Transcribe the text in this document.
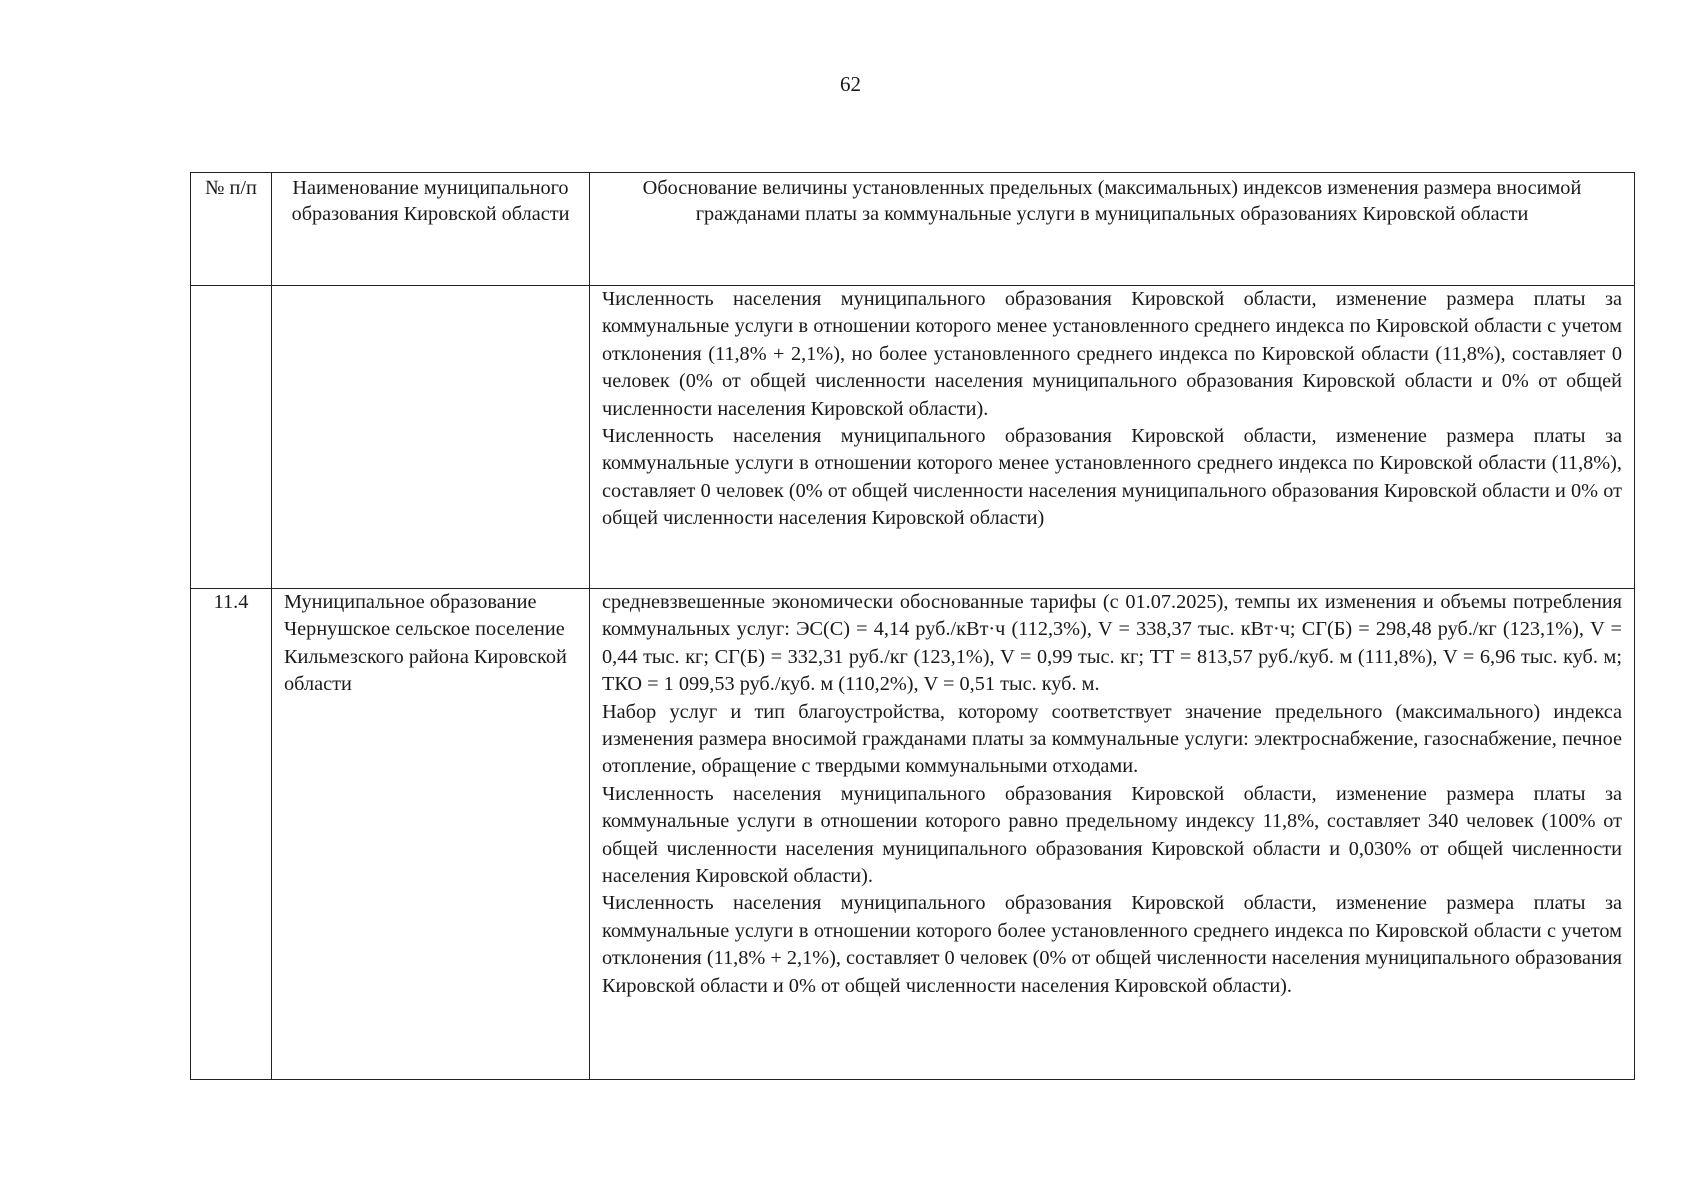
62
№ п/п	Наименование муниципального образования Кировской области	Обоснование величины установленных предельных (максимальных) индексов изменения размера вносимой гражданами платы за коммунальные услуги в муниципальных образованиях Кировской области

		Численность населения муниципального образования Кировской области, изменение размера платы за коммунальные услуги в отношении которого менее установленного среднего индекса по Кировской области с учетом отклонения (11,8% + 2,1%), но более установленного среднего индекса по Кировской области (11,8%), составляет 0 человек (0% от общей численности населения муниципального образования Кировской области и 0% от общей численности населения Кировской области).

Численность населения муниципального образования Кировской области, изменение размера платы за коммунальные услуги в отношении которого менее установленного среднего индекса по Кировской области (11,8%), составляет 0 человек (0% от общей численности населения муниципального образования Кировской области и 0% от общей численности населения Кировской области)

11.4	Муниципальное образование Чернушское сельское поселение Кильмезского района Кировской области	средневзвешенные экономически обоснованные тарифы (с 01.07.2025), темпы их изменения и объемы потребления коммунальных услуг: ЭС(С) = 4,14 руб./кВт·ч (112,3%), V = 338,37 тыс. кВт·ч; СГ(Б) = 298,48 руб./кг (123,1%), V = 0,44 тыс. кг; СГ(Б) = 332,31 руб./кг (123,1%), V = 0,99 тыс. кг; ТТ = 813,57 руб./куб. м (111,8%), V = 6,96 тыс. куб. м; ТКО = 1 099,53 руб./куб. м (110,2%), V = 0,51 тыс. куб. м.

Набор услуг и тип благоустройства, которому соответствует значение предельного (максимального) индекса изменения размера вносимой гражданами платы за коммунальные услуги: электроснабжение, газоснабжение, печное отопление, обращение с твердыми коммунальными отходами.

Численность населения муниципального образования Кировской области, изменение размера платы за коммунальные услуги в отношении которого равно предельному индексу 11,8%, составляет 340 человек (100% от общей численности населения муниципального образования Кировской области и 0,030% от общей численности населения Кировской области).

Численность населения муниципального образования Кировской области, изменение размера платы за коммунальные услуги в отношении которого более установленного среднего индекса по Кировской области с учетом отклонения (11,8% + 2,1%), составляет 0 человек (0% от общей численности населения муниципального образования Кировской области и 0% от общей численности населения Кировской области).
